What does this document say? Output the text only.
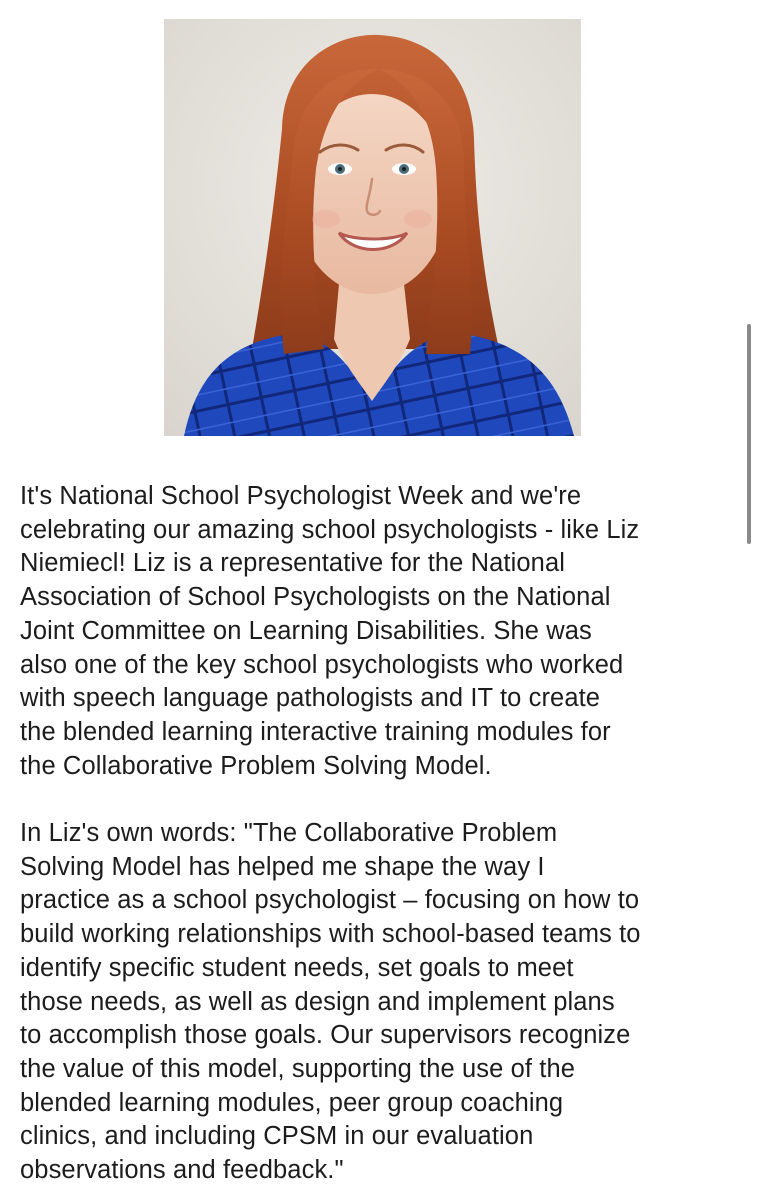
It's National School Psychologist Week and we're
celebrating our amazing school psychologists - like Liz
Niemiecl! Liz is a representative for the National
Association of School Psychologists on the National
Joint Committee on Learning Disabilities. She was
also one of the key school psychologists who worked
with speech language pathologists and IT to create
the blended learning interactive training modules for
the Collaborative Problem Solving Model.

In Liz's own words: "The Collaborative Problem
Solving Model has helped me shape the way I
practice as a school psychologist – focusing on how to
build working relationships with school-based teams to
identify specific student needs, set goals to meet
those needs, as well as design and implement plans
to accomplish those goals. Our supervisors recognize
the value of this model, supporting the use of the
blended learning modules, peer group coaching
clinics, and including CPSM in our evaluation
observations and feedback."
